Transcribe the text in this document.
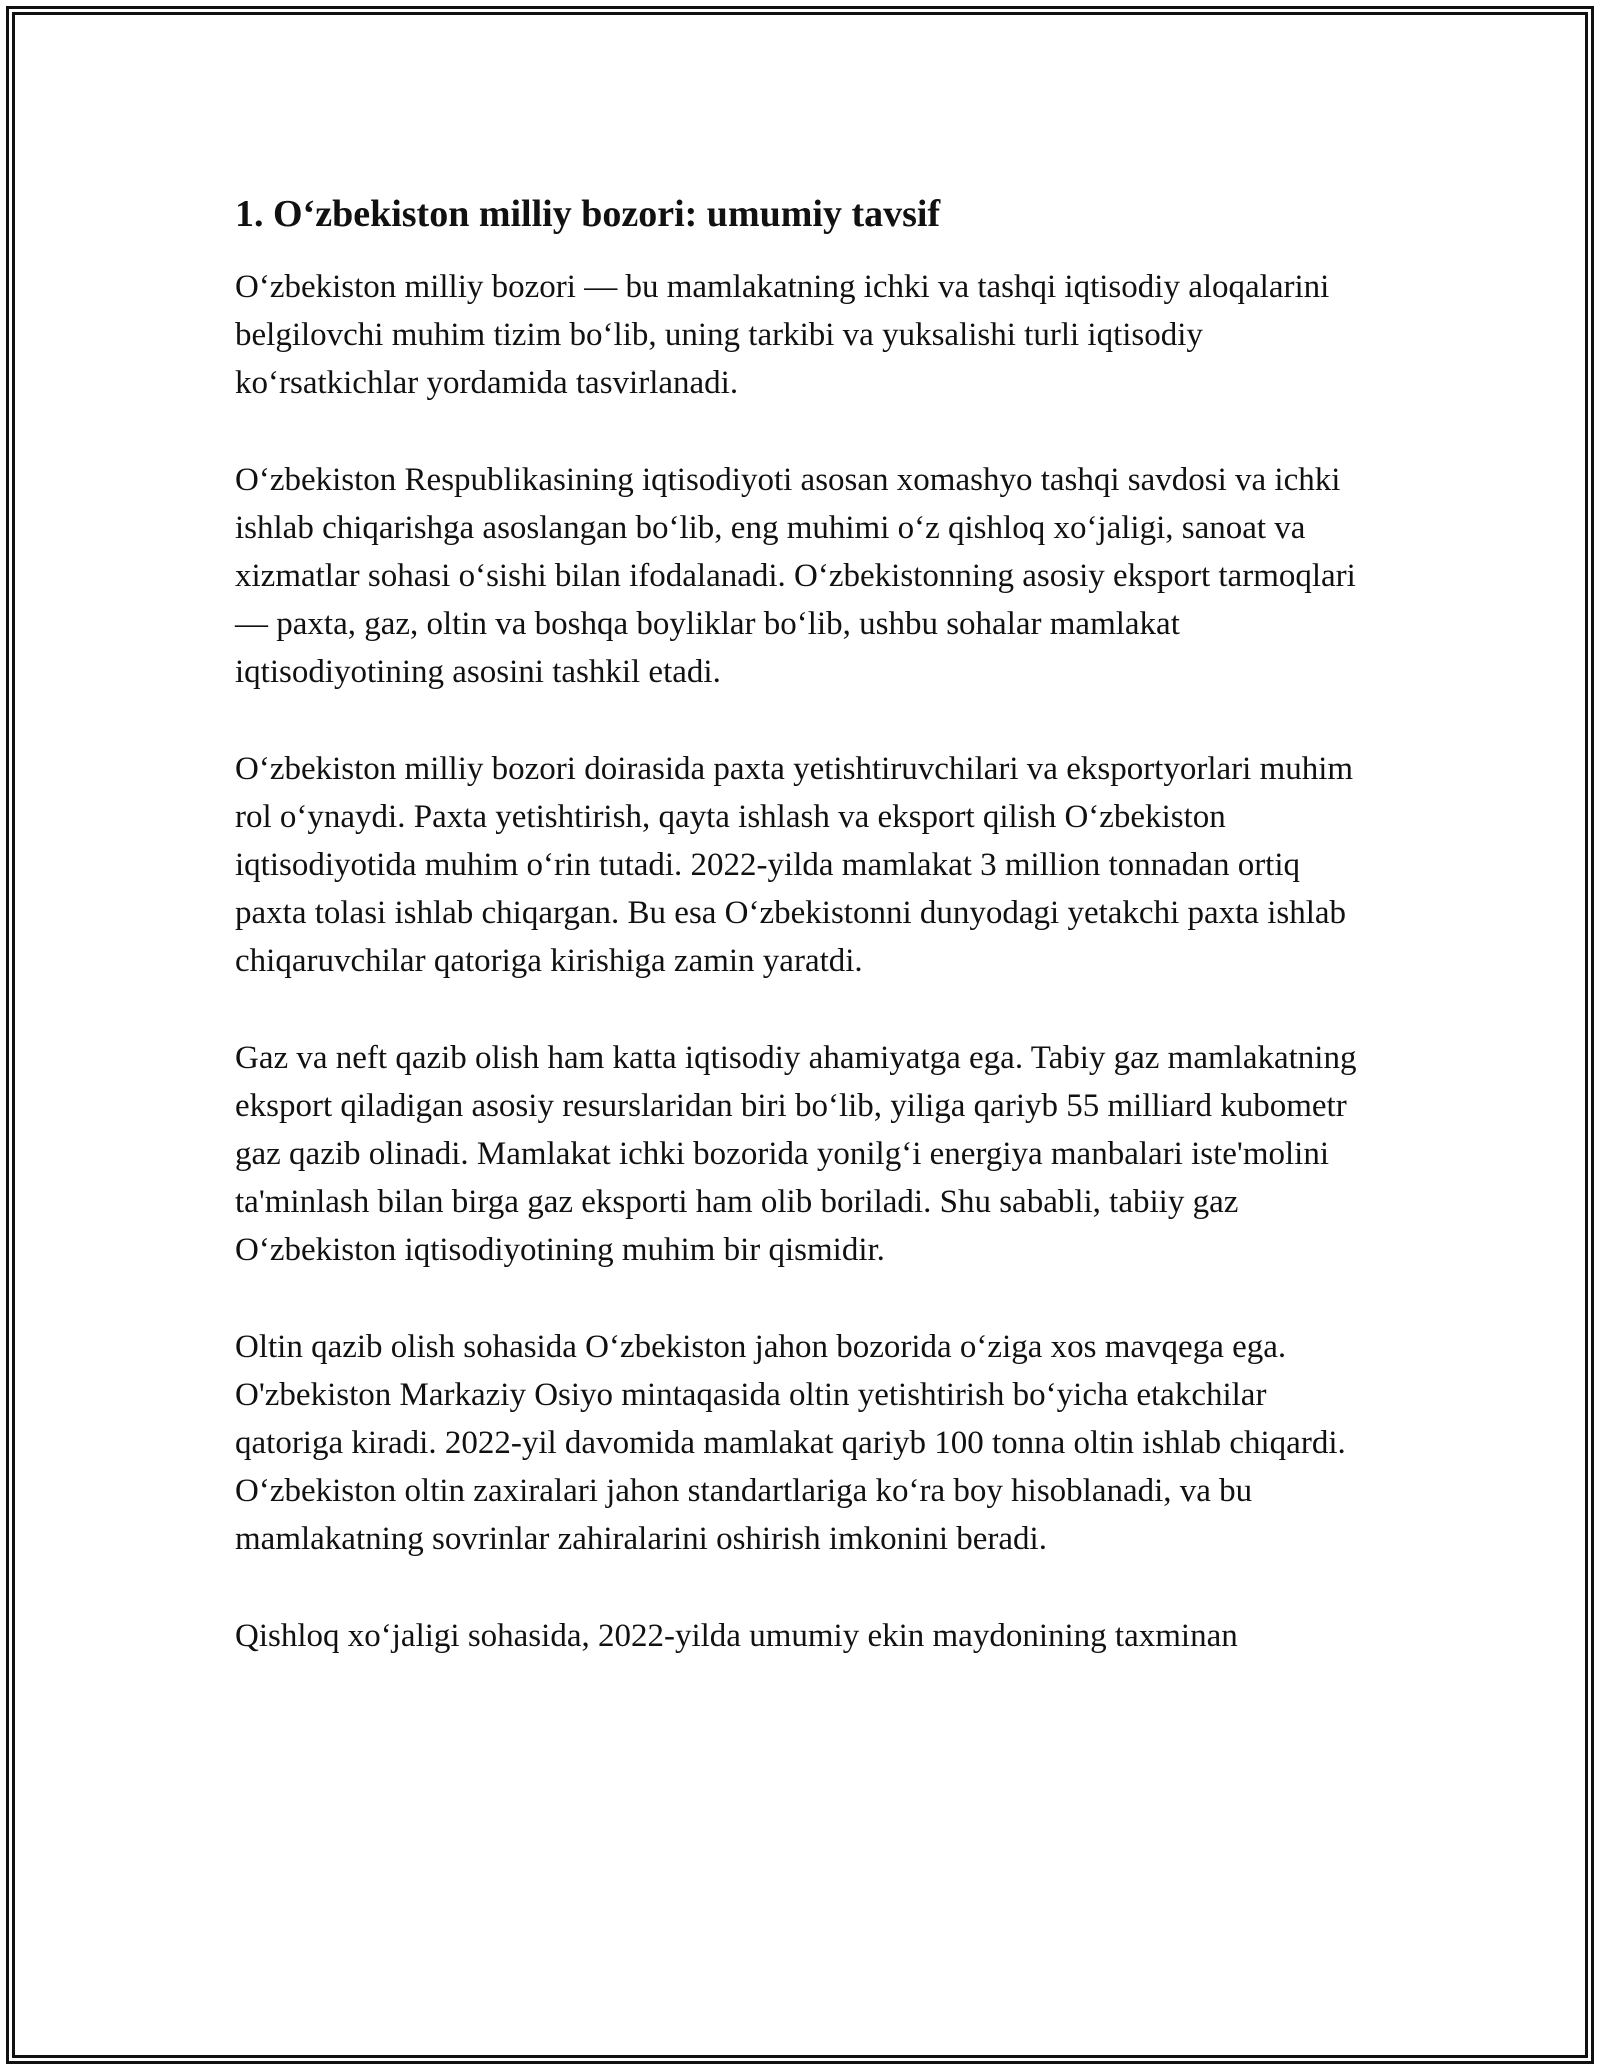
1. O‘zbekiston milliy bozori: umumiy tavsif

O‘zbekiston milliy bozori — bu mamlakatning ichki va tashqi iqtisodiy aloqalarini belgilovchi muhim tizim bo‘lib, uning tarkibi va yuksalishi turli iqtisodiy ko‘rsatkichlar yordamida tasvirlanadi.

O‘zbekiston Respublikasining iqtisodiyoti asosan xomashyo tashqi savdosi va ichki ishlab chiqarishga asoslangan bo‘lib, eng muhimi o‘z qishloq xo‘jaligi, sanoat va xizmatlar sohasi o‘sishi bilan ifodalanadi. O‘zbekistonning asosiy eksport tarmoqlari — paxta, gaz, oltin va boshqa boyliklar bo‘lib, ushbu sohalar mamlakat iqtisodiyotining asosini tashkil etadi.

O‘zbekiston milliy bozori doirasida paxta yetishtiruvchilari va eksportyorlari muhim rol o‘ynaydi. Paxta yetishtirish, qayta ishlash va eksport qilish O‘zbekiston iqtisodiyotida muhim o‘rin tutadi. 2022-yilda mamlakat 3 million tonnadan ortiq paxta tolasi ishlab chiqargan. Bu esa O‘zbekistonni dunyodagi yetakchi paxta ishlab chiqaruvchilar qatoriga kirishiga zamin yaratdi.

Gaz va neft qazib olish ham katta iqtisodiy ahamiyatga ega. Tabiy gaz mamlakatning eksport qiladigan asosiy resurslaridan biri bo‘lib, yiliga qariyb 55 milliard kubometr gaz qazib olinadi. Mamlakat ichki bozorida yonilg‘i energiya manbalari iste'molini ta'minlash bilan birga gaz eksporti ham olib boriladi. Shu sababli, tabiiy gaz O‘zbekiston iqtisodiyotining muhim bir qismidir.

Oltin qazib olish sohasida O‘zbekiston jahon bozorida o‘ziga xos mavqega ega. O'zbekiston Markaziy Osiyo mintaqasida oltin yetishtirish bo‘yicha etakchilar qatoriga kiradi. 2022-yil davomida mamlakat qariyb 100 tonna oltin ishlab chiqardi. O‘zbekiston oltin zaxiralari jahon standartlariga ko‘ra boy hisoblanadi, va bu mamlakatning sovrinlar zahiralarini oshirish imkonini beradi.

Qishloq xo‘jaligi sohasida, 2022-yilda umumiy ekin maydonining taxminan
